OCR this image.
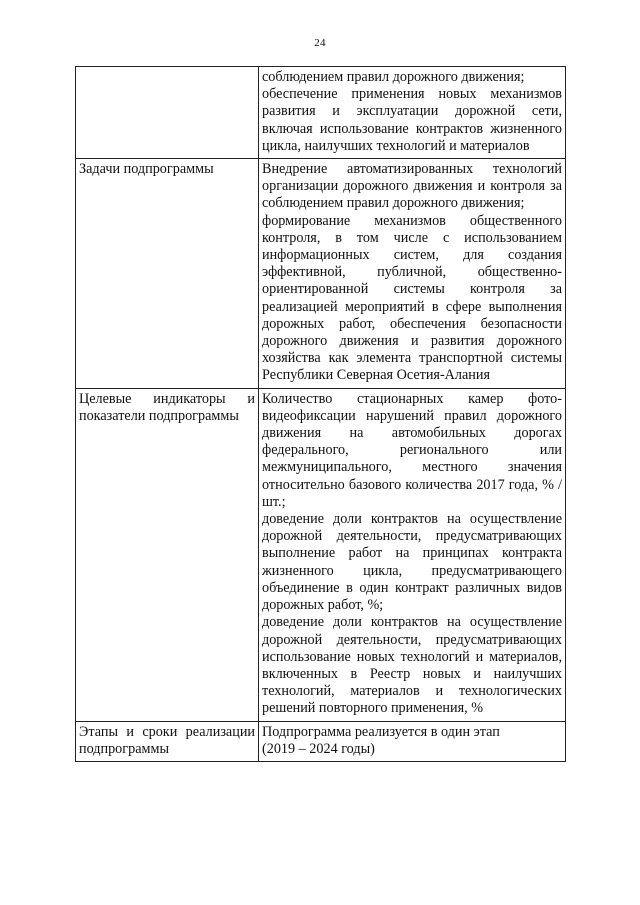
24

	соблюдением правил дорожного движения;
обеспечение применения новых механизмов развития и эксплуатации дорожной сети, включая использование контрактов жизненного цикла, наилучших технологий и материалов

Задачи подпрограммы	Внедрение автоматизированных технологий организации дорожного движения и контроля за соблюдением правил дорожного движения;
формирование механизмов общественного контроля, в том числе с использованием информационных систем, для создания эффективной, публичной, общественно-ориентированной системы контроля за реализацией мероприятий в сфере выполнения дорожных работ, обеспечения безопасности дорожного движения и развития дорожного хозяйства как элемента транспортной системы Республики Северная Осетия-Алания

Целевые индикаторы и показатели подпрограммы	Количество стационарных камер фото-видеофиксации нарушений правил дорожного движения на автомобильных дорогах федерального, регионального или межмуниципального, местного значения относительно базового количества 2017 года, % / шт.;
доведение доли контрактов на осуществление дорожной деятельности, предусматривающих выполнение работ на принципах контракта жизненного цикла, предусматривающего объединение в один контракт различных видов дорожных работ, %;
доведение доли контрактов на осуществление дорожной деятельности, предусматривающих использование новых технологий и материалов, включенных в Реестр новых и наилучших технологий, материалов и технологических решений повторного применения, %

Этапы и сроки реализации подпрограммы	Подпрограмма реализуется в один этап
(2019 – 2024 годы)
